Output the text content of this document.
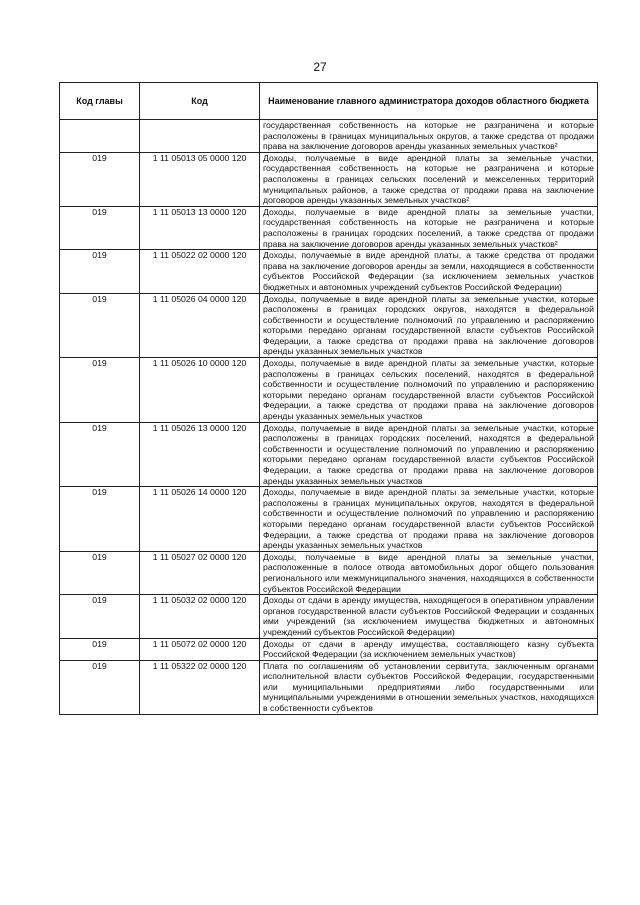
27
Код главы	Код	Наименование главного администратора доходов областного бюджета
		государственная собственность на которые не разграничена и которые расположены в границах муниципальных округов, а также средства от продажи права на заключение договоров аренды указанных земельных участков²
019	1 11 05013 05 0000 120	Доходы, получаемые в виде арендной платы за земельные участки, государственная собственность на которые не разграничена и которые расположены в границах сельских поселений и межселенных территорий муниципальных районов, а также средства от продажи права на заключение договоров аренды указанных земельных участков²
019	1 11 05013 13 0000 120	Доходы, получаемые в виде арендной платы за земельные участки, государственная собственность на которые не разграничена и которые расположены в границах городских поселений, а также средства от продажи права на заключение договоров аренды указанных земельных участков²
019	1 11 05022 02 0000 120	Доходы, получаемые в виде арендной платы, а также средства от продажи права на заключение договоров аренды за земли, находящиеся в собственности субъектов Российской Федерации (за исключением земельных участков бюджетных и автономных учреждений субъектов Российской Федерации)
019	1 11 05026 04 0000 120	Доходы, получаемые в виде арендной платы за земельные участки, которые расположены в границах городских округов, находятся в федеральной собственности и осуществление полномочий по управлению и распоряжению которыми передано органам государственной власти субъектов Российской Федерации, а также средства от продажи права на заключение договоров аренды указанных земельных участков
019	1 11 05026 10 0000 120	Доходы, получаемые в виде арендной платы за земельные участки, которые расположены в границах сельских поселений, находятся в федеральной собственности и осуществление полномочий по управлению и распоряжению которыми передано органам государственной власти субъектов Российской Федерации, а также средства от продажи права на заключение договоров аренды указанных земельных участков
019	1 11 05026 13 0000 120	Доходы, получаемые в виде арендной платы за земельные участки, которые расположены в границах городских поселений, находятся в федеральной собственности и осуществление полномочий по управлению и распоряжению которыми передано органам государственной власти субъектов Российской Федерации, а также средства от продажи права на заключение договоров аренды указанных земельных участков
019	1 11 05026 14 0000 120	Доходы, получаемые в виде арендной платы за земельные участки, которые расположены в границах муниципальных округов, находятся в федеральной собственности и осуществление полномочий по управлению и распоряжению которыми передано органам государственной власти субъектов Российской Федерации, а также средства от продажи права на заключение договоров аренды указанных земельных участков
019	1 11 05027 02 0000 120	Доходы, получаемые в виде арендной платы за земельные участки, расположенные в полосе отвода автомобильных дорог общего пользования регионального или межмуниципального значения, находящихся в собственности субъектов Российской Федерации
019	1 11 05032 02 0000 120	Доходы от сдачи в аренду имущества, находящегося в оперативном управлении органов государственной власти субъектов Российской Федерации и созданных ими учреждений (за исключением имущества бюджетных и автономных учреждений субъектов Российской Федерации)
019	1 11 05072 02 0000 120	Доходы от сдачи в аренду имущества, составляющего казну субъекта Российской Федерации (за исключением земельных участков)
019	1 11 05322 02 0000 120	Плата по соглашениям об установлении сервитута, заключенным органами исполнительной власти субъектов Российской Федерации, государственными или муниципальными предприятиями либо государственными или муниципальными учреждениями в отношении земельных участков, находящихся в собственности субъектов
